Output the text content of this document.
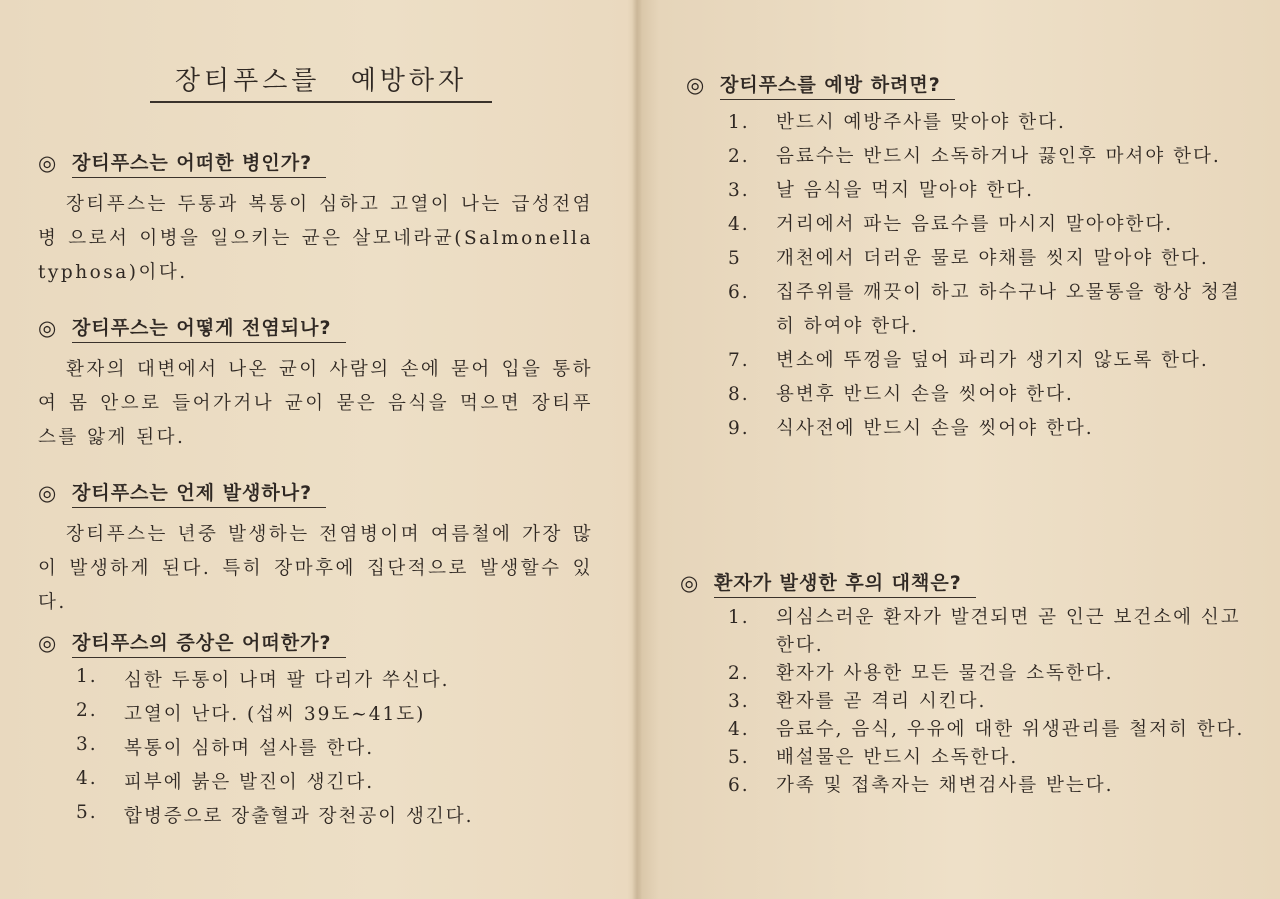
장티푸스를 예방하자
◎ 장티푸스는 어떠한 병인가?

장티푸스는 두통과 복통이 심하고 고열이 나는 급성전염병 으로서 이병을 일으키는 균은 살모네라균(Salmonella typhosa)이다.

◎ 장티푸스는 어떻게 전염되나?

환자의 대변에서 나온 균이 사람의 손에 묻어 입을 통하여 몸 안으로 들어가거나 균이 묻은 음식을 먹으면 장티푸스를 앓게 된다.

◎ 장티푸스는 언제 발생하나?

장티푸스는 년중 발생하는 전염병이며 여름철에 가장 많이 발생하게 된다. 특히 장마후에 집단적으로 발생할수 있다.

◎ 장티푸스의 증상은 어떠한가?
1.	심한 두통이 나며 팔 다리가 쑤신다.
2.	고열이 난다. (섭씨 39도∼41도)
3.	복통이 심하며 설사를 한다.
4.	피부에 붉은 발진이 생긴다.
5.	합병증으로 장출혈과 장천공이 생긴다.
◎ 장티푸스를 예방 하려면?
1.	반드시 예방주사를 맞아야 한다.
2.	음료수는 반드시 소독하거나 끓인후 마셔야 한다.
3.	날 음식을 먹지 말아야 한다.
4.	거리에서 파는 음료수를 마시지 말아야한다.
5	개천에서 더러운 물로 야채를 씻지 말아야 한다.
6.	집주위를 깨끗이 하고 하수구나 오물통을 항상 청결히 하여야 한다.
7.	변소에 뚜껑을 덮어 파리가 생기지 않도록 한다.
8.	용변후 반드시 손을 씻어야 한다.
9.	식사전에 반드시 손을 씻어야 한다.
◎ 환자가 발생한 후의 대책은?
1.	의심스러운 환자가 발견되면 곧 인근 보건소에 신고한다.
2.	환자가 사용한 모든 물건을 소독한다.
3.	환자를 곧 격리 시킨다.
4.	음료수, 음식, 우유에 대한 위생관리를 철저히 한다.
5.	배설물은 반드시 소독한다.
6.	가족 및 접촉자는 채변검사를 받는다.
